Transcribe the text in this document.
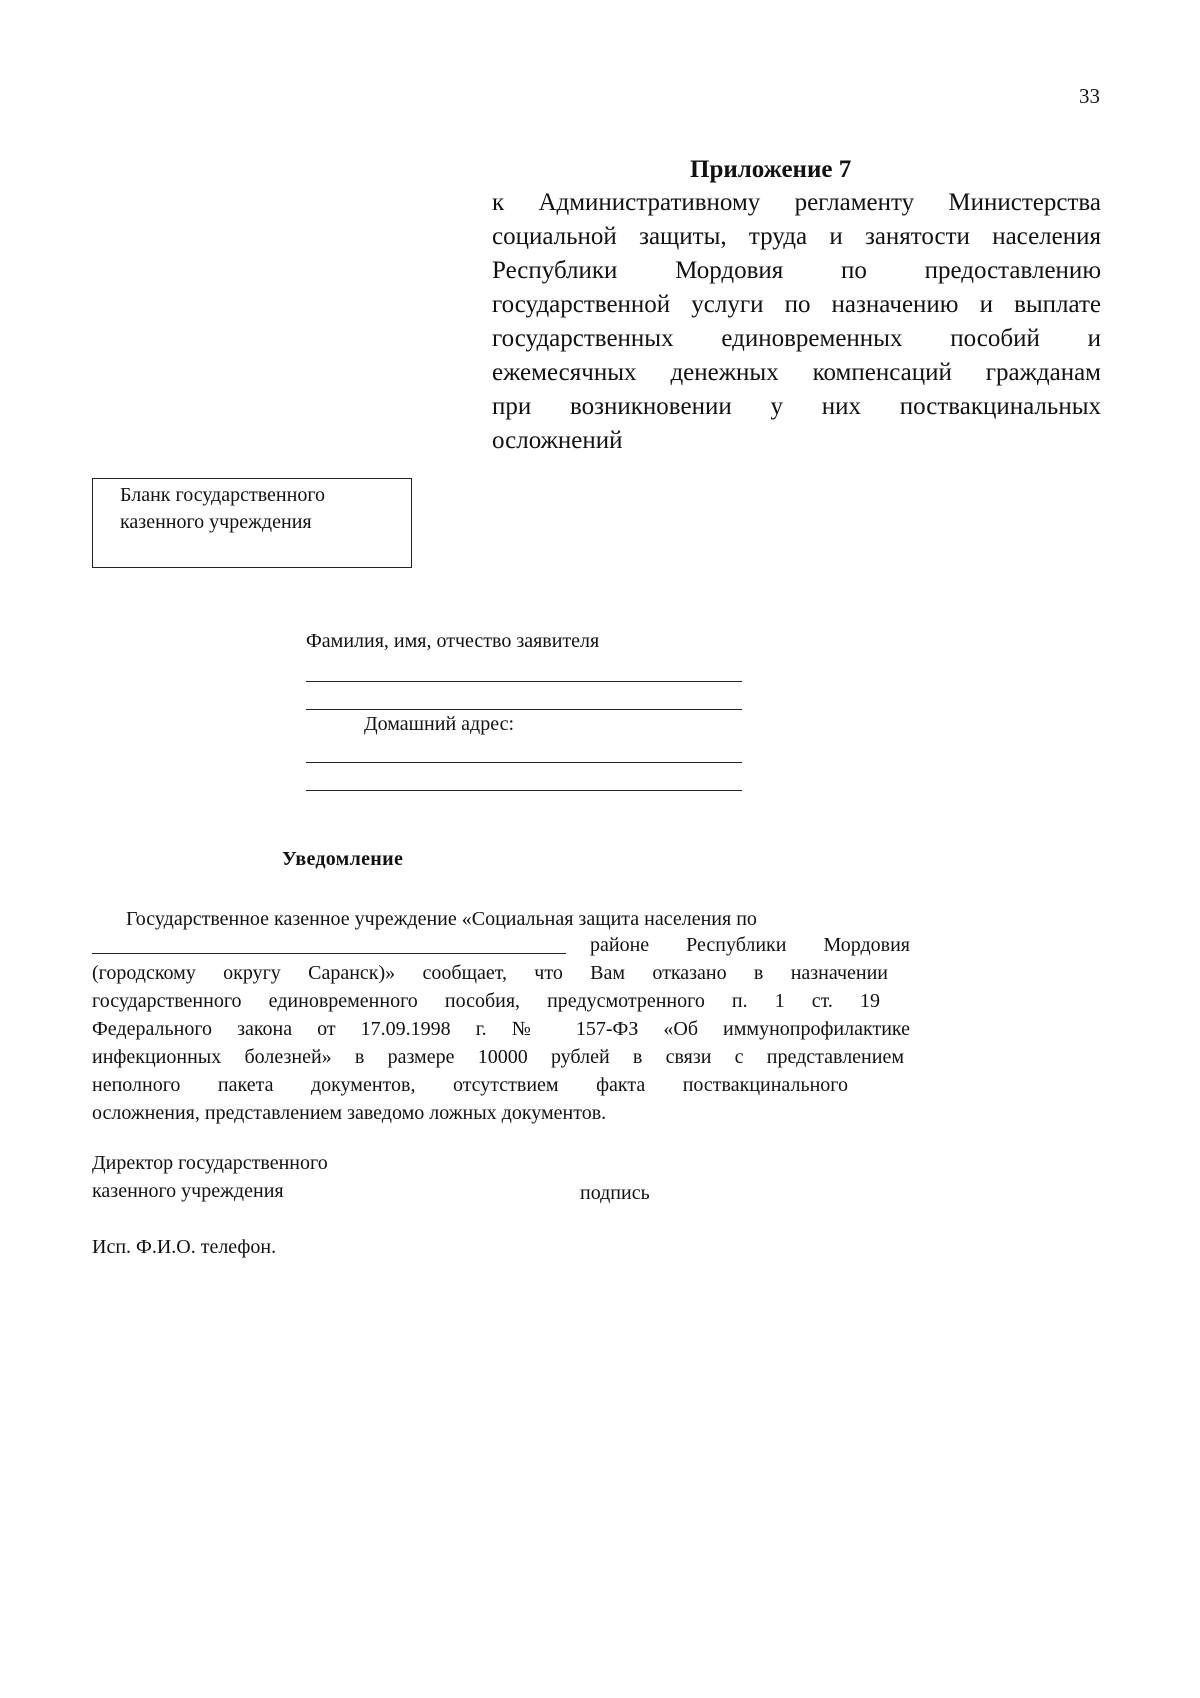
33
Приложение 7
к Административному регламенту Министерства
социальной защиты, труда и занятости населения
Республики Мордовия по предоставлению
государственной услуги по назначению и выплате
государственных единовременных пособий и
ежемесячных денежных компенсаций гражданам
при возникновении у них поствакцинальных
осложнений
Бланк государственного
казенного учреждения
Фамилия, имя, отчество заявителя
Домашний адрес:
Уведомление
Государственное казенное учреждение «Социальная защита населения по
районе Республики Мордовия
(городскому округу Саранск)» сообщает, что Вам отказано в назначении
государственного единовременного пособия, предусмотренного п. 1 ст. 19
Федерального закона от 17.09.1998 г. № 157-ФЗ «Об иммунопрофилактике
инфекционных болезней» в размере 10000 рублей в связи с представлением
неполного пакета документов, отсутствием факта поствакцинального
осложнения, представлением заведомо ложных документов.
Директор государственного
казенного учреждения	подпись
Исп. Ф.И.О. телефон.
